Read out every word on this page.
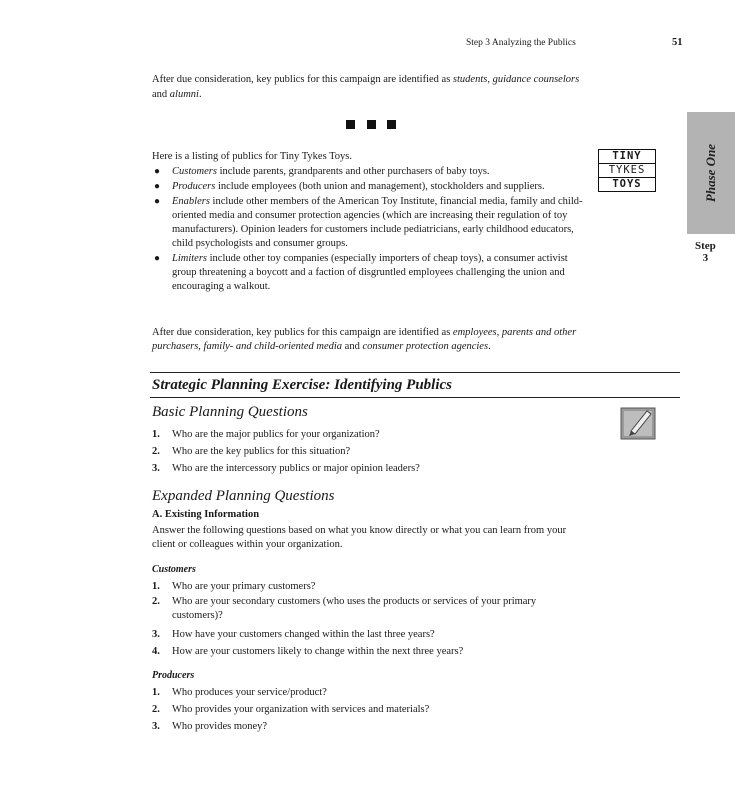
Step 3 Analyzing the Publics	51
Phase One
Step
3
After due consideration, key publics for this campaign are identified as students, guidance counselors and alumni.
Here is a listing of publics for Tiny Tykes Toys.	TINY
TYKES
TOYS
● Customers include parents, grandparents and other purchasers of baby toys.
● Producers include employees (both union and management), stockholders and suppliers.
● Enablers include other members of the American Toy Institute, financial media, family and child-oriented media and consumer protection agencies (which are increasing their regulation of toy manufacturers). Opinion leaders for customers include pediatricians, early childhood educators, child psychologists and consumer groups.
● Limiters include other toy companies (especially importers of cheap toys), a consumer activist group threatening a boycott and a faction of disgruntled employees challenging the union and encouraging a walkout.
After due consideration, key publics for this campaign are identified as employees, parents and other purchasers, family- and child-oriented media and consumer protection agencies.
Strategic Planning Exercise: Identifying Publics
Basic Planning Questions
1. Who are the major publics for your organization?
2. Who are the key publics for this situation?
3. Who are the intercessory publics or major opinion leaders?
Expanded Planning Questions
A. Existing Information
Answer the following questions based on what you know directly or what you can learn from your client or colleagues within your organization.
Customers
1. Who are your primary customers?
2. Who are your secondary customers (who uses the products or services of your primary customers)?
3. How have your customers changed within the last three years?
4. How are your customers likely to change within the next three years?
Producers
1. Who produces your service/product?
2. Who provides your organization with services and materials?
3. Who provides money?
